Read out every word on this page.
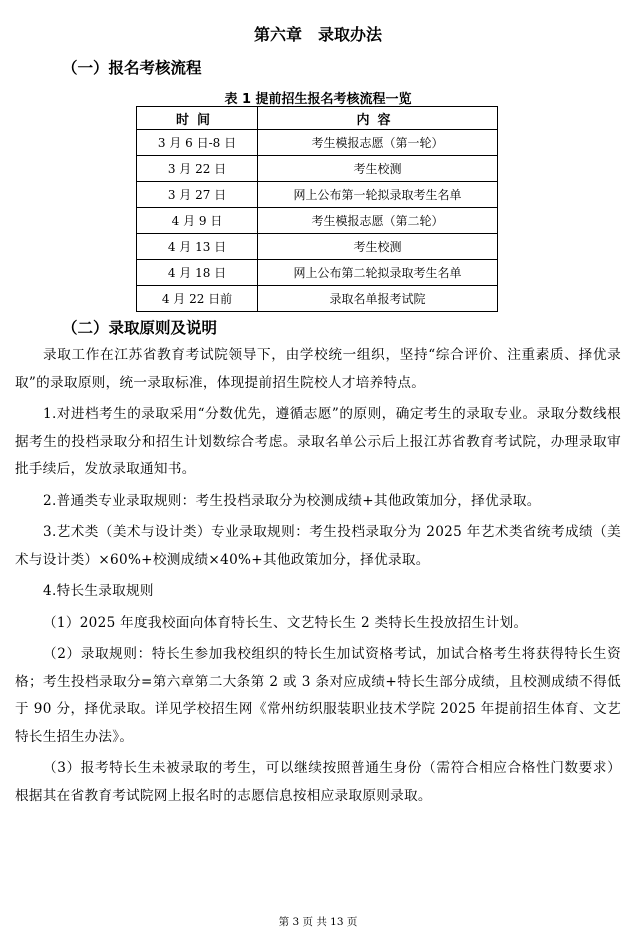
第六章　录取办法
（一）报名考核流程
表 1 提前招生报名考核流程一览
时间	内容
3 月 6 日-8 日	考生模报志愿（第一轮）
3 月 22 日	考生校测
3 月 27 日	网上公布第一轮拟录取考生名单
4 月 9 日	考生模报志愿（第二轮）
4 月 13 日	考生校测
4 月 18 日	网上公布第二轮拟录取考生名单
4 月 22 日前	录取名单报考试院
（二）录取原则及说明

录取工作在江苏省教育考试院领导下，由学校统一组织，坚持“综合评价、注重素质、择优录取”的录取原则，统一录取标准，体现提前招生院校人才培养特点。

1.对进档考生的录取采用“分数优先，遵循志愿”的原则，确定考生的录取专业。录取分数线根据考生的投档录取分和招生计划数综合考虑。录取名单公示后上报江苏省教育考试院，办理录取审批手续后，发放录取通知书。

2.普通类专业录取规则：考生投档录取分为校测成绩+其他政策加分，择优录取。

3.艺术类（美术与设计类）专业录取规则：考生投档录取分为 2025 年艺术类省统考成绩（美术与设计类）×60%+校测成绩×40%+其他政策加分，择优录取。

4.特长生录取规则

（1）2025 年度我校面向体育特长生、文艺特长生 2 类特长生投放招生计划。

（2）录取规则：特长生参加我校组织的特长生加试资格考试，加试合格考生将获得特长生资格；考生投档录取分=第六章第二大条第 2 或 3 条对应成绩+特长生部分成绩，且校测成绩不得低于 90 分，择优录取。详见学校招生网《常州纺织服装职业技术学院 2025 年提前招生体育、文艺特长生招生办法》。

（3）报考特长生未被录取的考生，可以继续按照普通生身份（需符合相应合格性门数要求）根据其在省教育考试院网上报名时的志愿信息按相应录取原则录取。

第 3 页 共 13 页
